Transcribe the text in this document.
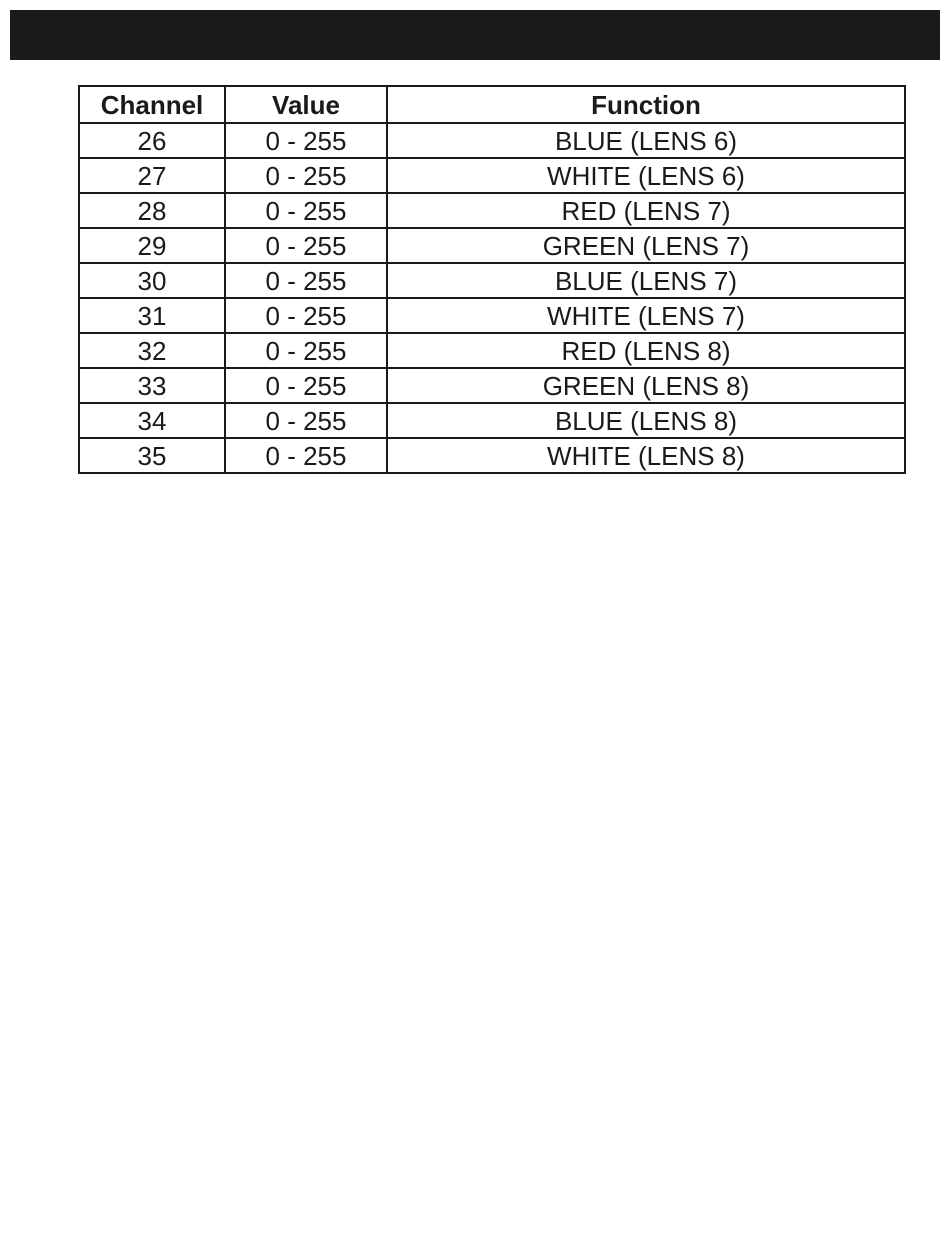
Channel	Value	Function
26	0 - 255	BLUE (LENS 6)
27	0 - 255	WHITE (LENS 6)
28	0 - 255	RED (LENS 7)
29	0 - 255	GREEN (LENS 7)
30	0 - 255	BLUE (LENS 7)
31	0 - 255	WHITE (LENS 7)
32	0 - 255	RED (LENS 8)
33	0 - 255	GREEN (LENS 8)
34	0 - 255	BLUE (LENS 8)
35	0 - 255	WHITE (LENS 8)
